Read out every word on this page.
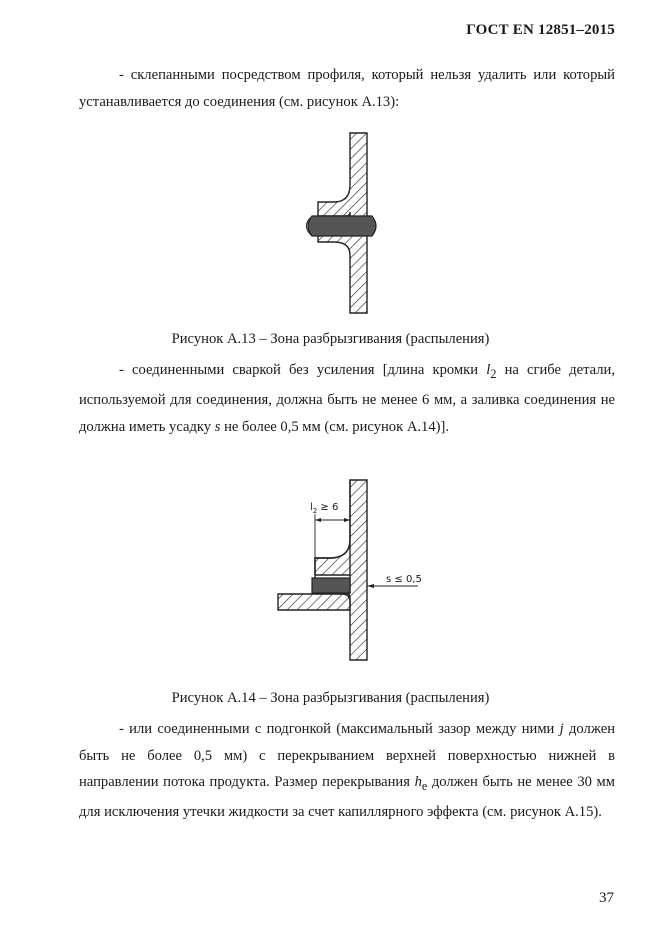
ГОСТ EN 12851–2015

- склепанными посредством профиля, который нельзя удалить или который устанавливается до соединения (см. рисунок А.13):

Рисунок А.13 – Зона разбрызгивания (распыления)

- соединенными сваркой без усиления [длина кромки $l_2$ на сгибе детали, используемой для соединения, должна быть не менее 6 мм, а заливка соединения не должна иметь усадку s не более 0,5 мм (см. рисунок А.14)].

$l_2 \ge 6$
s ≤ 0,5
Рисунок А.14 – Зона разбрызгивания (распыления)

- или соединенными с подгонкой (максимальный зазор между ними j должен быть не более 0,5 мм) с перекрыванием верхней поверхностью нижней в направлении потока продукта. Размер перекрывания $h_е$ должен быть не менее 30 мм для исключения утечки жидкости за счет капиллярного эффекта (см. рисунок А.15).

37
